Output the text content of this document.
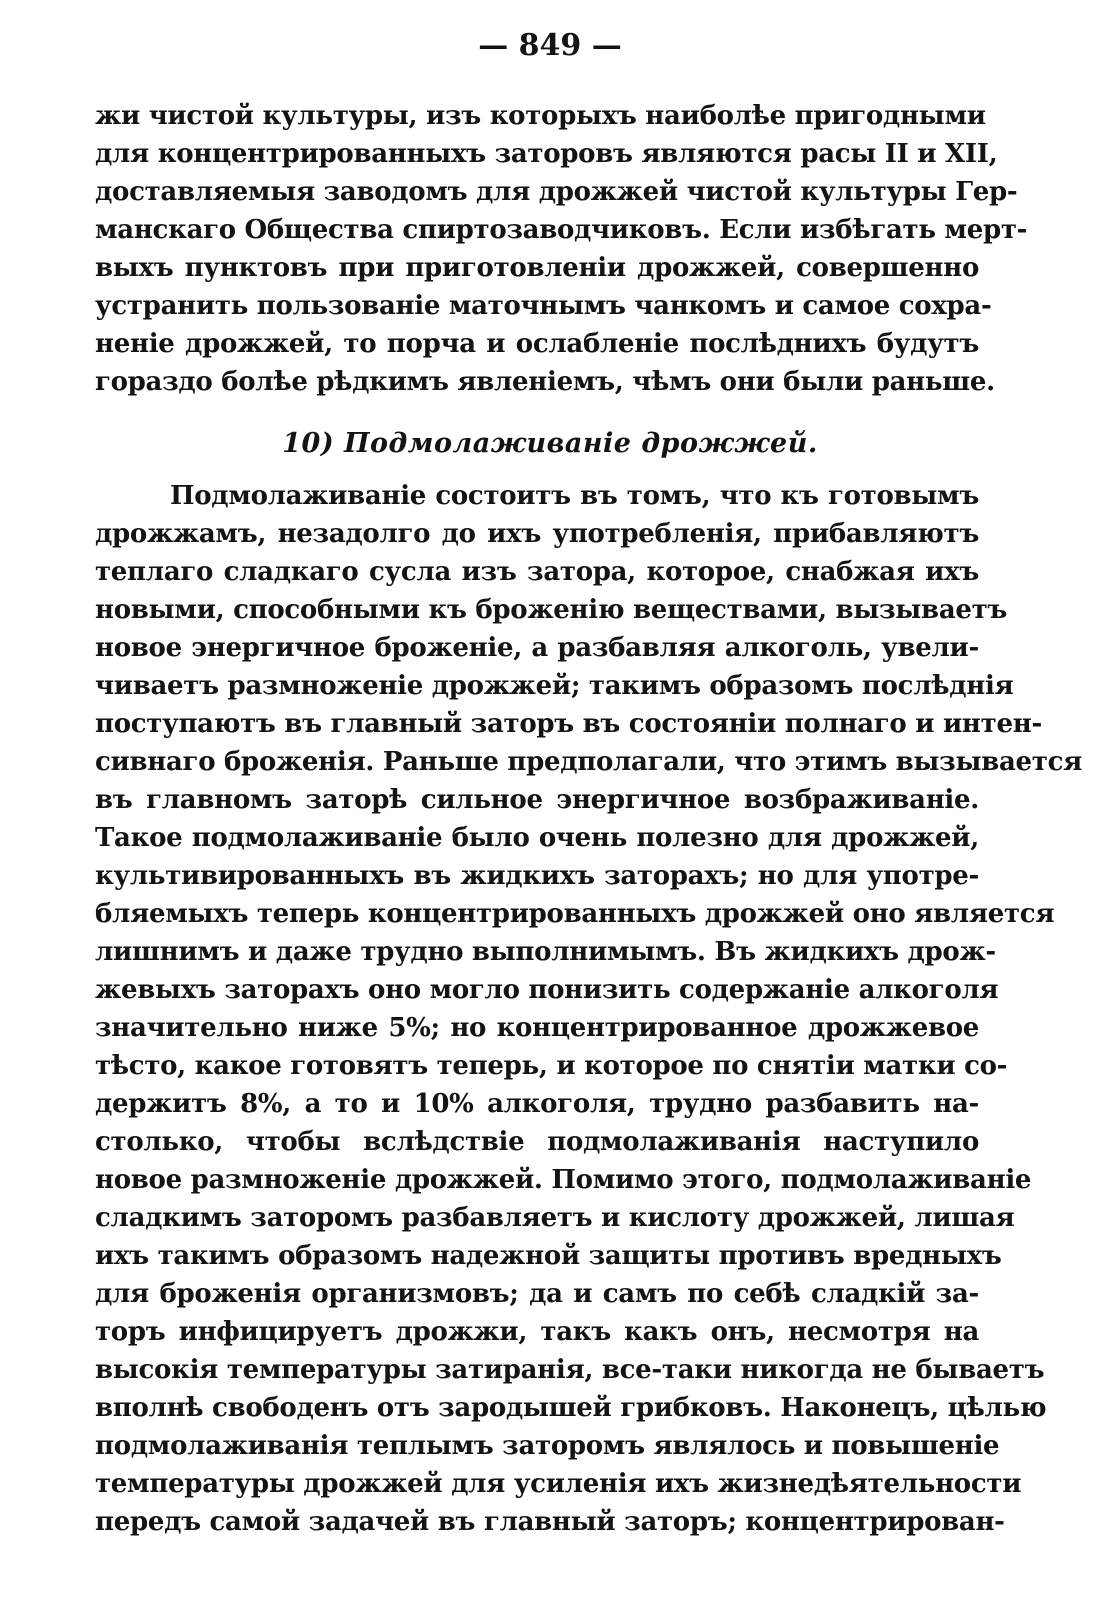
— 849 —
жи чистой культуры, изъ которыхъ наиболѣе пригодными
для концентрированныхъ заторовъ являются расы II и XII,
доставляемыя заводомъ для дрожжей чистой культуры Гер-
манскаго Общества спиртозаводчиковъ. Если избѣгать мерт-
выхъ пунктовъ при приготовленіи дрожжей, совершенно
устранить пользованіе маточнымъ чанкомъ и самое сохра-
неніе дрожжей, то порча и ослабленіе послѣднихъ будутъ
гораздо болѣе рѣдкимъ явленіемъ, чѣмъ они были раньше.
10) Подмолаживаніе дрожжей.
Подмолаживаніе состоитъ въ томъ, что къ готовымъ
дрожжамъ, незадолго до ихъ употребленія, прибавляютъ
теплаго сладкаго сусла изъ затора, которое, снабжая ихъ
новыми, способными къ броженію веществами, вызываетъ
новое энергичное броженіе, а разбавляя алкоголь, увели-
чиваетъ размноженіе дрожжей; такимъ образомъ послѣднія
поступаютъ въ главный заторъ въ состояніи полнаго и интен-
сивнаго броженія. Раньше предполагали, что этимъ вызывается
въ главномъ заторѣ сильное энергичное возбраживаніе.
Такое подмолаживаніе было очень полезно для дрожжей,
культивированныхъ въ жидкихъ заторахъ; но для употре-
бляемыхъ теперь концентрированныхъ дрожжей оно является
лишнимъ и даже трудно выполнимымъ. Въ жидкихъ дрож-
жевыхъ заторахъ оно могло понизить содержаніе алкоголя
значительно ниже 5%; но концентрированное дрожжевое
тѣсто, какое готовятъ теперь, и которое по снятіи матки со-
держитъ 8%, а то и 10% алкоголя, трудно разбавить на-
столько, чтобы вслѣдствіе подмолаживанія наступило
новое размноженіе дрожжей. Помимо этого, подмолаживаніе
сладкимъ заторомъ разбавляетъ и кислоту дрожжей, лишая
ихъ такимъ образомъ надежной защиты противъ вредныхъ
для броженія организмовъ; да и самъ по себѣ сладкій за-
торъ инфицируетъ дрожжи, такъ какъ онъ, несмотря на
высокія температуры затиранія, все-таки никогда не бываетъ
вполнѣ свободенъ отъ зародышей грибковъ. Наконецъ, цѣлью
подмолаживанія теплымъ заторомъ являлось и повышеніе
температуры дрожжей для усиленія ихъ жизнедѣятельности
передъ самой задачей въ главный заторъ; концентрирован-
